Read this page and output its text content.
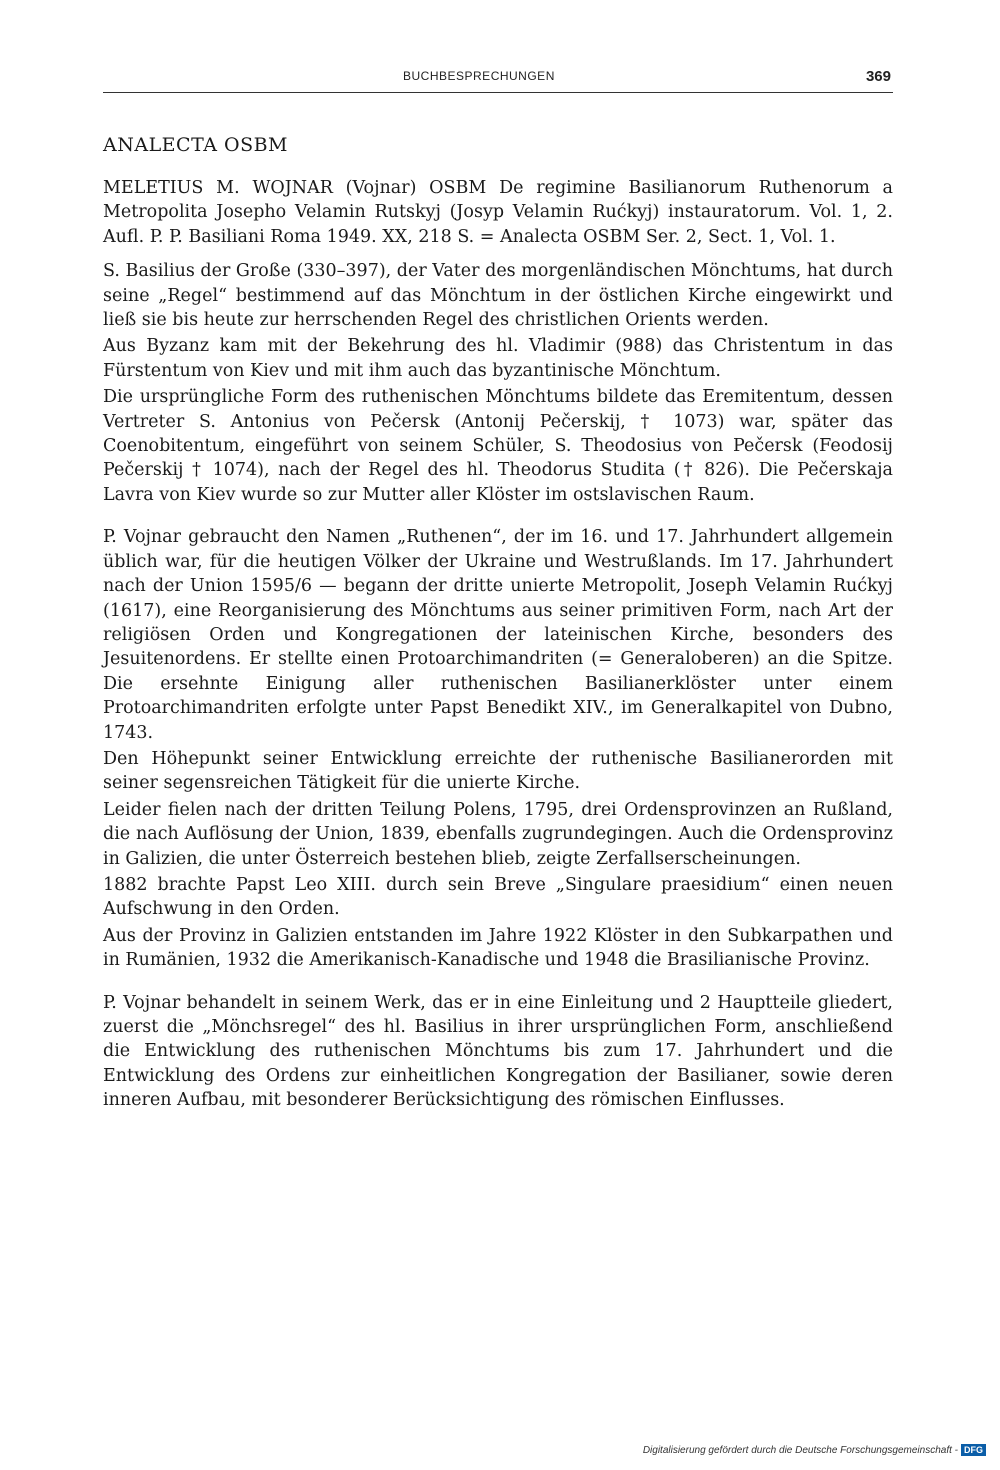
BUCHBESPRECHUNGEN	369
ANALECTA OSBM

MELETIUS M. WOJNAR (Vojnar) OSBM De regimine Basilianorum Ruthenorum a Metropolita Josepho Velamin Rutskyj (Josyp Velamin Rućkyj) instauratorum. Vol. 1, 2. Aufl. P. P. Basiliani Roma 1949. XX, 218 S. = Analecta OSBM Ser. 2, Sect. 1, Vol. 1.

S. Basilius der Große (330–397), der Vater des morgenländischen Mönchtums, hat durch seine „Regel“ bestimmend auf das Mönchtum in der östlichen Kirche eingewirkt und ließ sie bis heute zur herrschenden Regel des christlichen Orients werden.

Aus Byzanz kam mit der Bekehrung des hl. Vladimir (988) das Christentum in das Fürstentum von Kiev und mit ihm auch das byzantinische Mönchtum.

Die ursprüngliche Form des ruthenischen Mönchtums bildete das Eremitentum, dessen Vertreter S. Antonius von Pečersk (Antonij Pečerskij, † 1073) war, später das Coenobitentum, eingeführt von seinem Schüler, S. Theodosius von Pečersk (Feodosij Pečerskij † 1074), nach der Regel des hl. Theodorus Studita († 826). Die Pečerskaja Lavra von Kiev wurde so zur Mutter aller Klöster im ostslavischen Raum.

P. Vojnar gebraucht den Namen „Ruthenen“, der im 16. und 17. Jahrhundert allgemein üblich war, für die heutigen Völker der Ukraine und Westrußlands. Im 17. Jahrhundert nach der Union 1595/6 — begann der dritte unierte Metropolit, Joseph Velamin Rućkyj (1617), eine Reorganisierung des Mönchtums aus seiner primitiven Form, nach Art der religiösen Orden und Kongregationen der lateinischen Kirche, besonders des Jesuitenordens. Er stellte einen Protoarchimandriten (= Generaloberen) an die Spitze. Die ersehnte Einigung aller ruthenischen Basilianerklöster unter einem Protoarchimandriten erfolgte unter Papst Benedikt XIV., im Generalkapitel von Dubno, 1743.

Den Höhepunkt seiner Entwicklung erreichte der ruthenische Basilianerorden mit seiner segensreichen Tätigkeit für die unierte Kirche.

Leider fielen nach der dritten Teilung Polens, 1795, drei Ordensprovinzen an Rußland, die nach Auflösung der Union, 1839, ebenfalls zugrundegingen. Auch die Ordensprovinz in Galizien, die unter Österreich bestehen blieb, zeigte Zerfallserscheinungen.

1882 brachte Papst Leo XIII. durch sein Breve „Singulare praesidium“ einen neuen Aufschwung in den Orden.

Aus der Provinz in Galizien entstanden im Jahre 1922 Klöster in den Subkarpathen und in Rumänien, 1932 die Amerikanisch-Kanadische und 1948 die Brasilianische Provinz.

P. Vojnar behandelt in seinem Werk, das er in eine Einleitung und 2 Hauptteile gliedert, zuerst die „Mönchsregel“ des hl. Basilius in ihrer ursprünglichen Form, anschließend die Entwicklung des ruthenischen Mönchtums bis zum 17. Jahrhundert und die Entwicklung des Ordens zur einheitlichen Kongregation der Basilianer, sowie deren inneren Aufbau, mit besonderer Berücksichtigung des römischen Einflusses.

Digitalisierung gefördert durch die Deutsche Forschungsgemeinschaft - DFG
